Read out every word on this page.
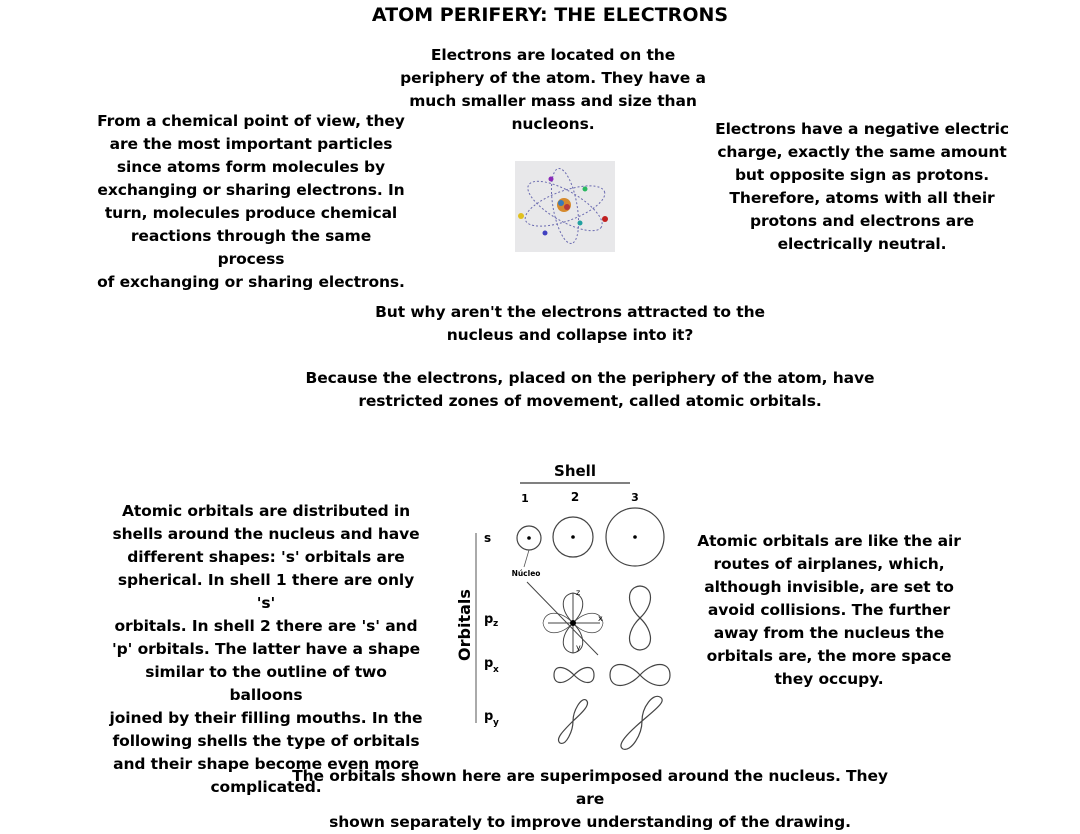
ATOM PERIFERY: THE ELECTRONS
Electrons are located on the
periphery of the atom. They have a
much smaller mass and size than
nucleons.
From a chemical point of view, they
are the most important particles
since atoms form molecules by
exchanging or sharing electrons. In
turn, molecules produce chemical
reactions through the same process
of exchanging or sharing electrons.
Electrons have a negative electric
charge, exactly the same amount
but opposite sign as protons.
Therefore, atoms with all their
protons and electrons are
electrically neutral.
But why aren't the electrons attracted to the
nucleus and collapse into it?
Because the electrons, placed on the periphery of the atom, have
restricted zones of movement, called atomic orbitals.
Atomic orbitals are distributed in
shells around the nucleus and have
different shapes: 's' orbitals are
spherical. In shell 1 there are only 's'
orbitals. In shell 2 there are 's' and
'p' orbitals. The latter have a shape
similar to the outline of two balloons
joined by their filling mouths. In the
following shells the type of orbitals
and their shape become even more
complicated.
Atomic orbitals are like the air
routes of airplanes, which,
although invisible, are set to
avoid collisions. The further
away from the nucleus the
orbitals are, the more space
they occupy.
Shell
1	2	3
Orbitals
s
p z
p x
p y
Núcleo
z
x
y
The orbitals shown here are superimposed around the nucleus. They are
shown separately to improve understanding of the drawing.
